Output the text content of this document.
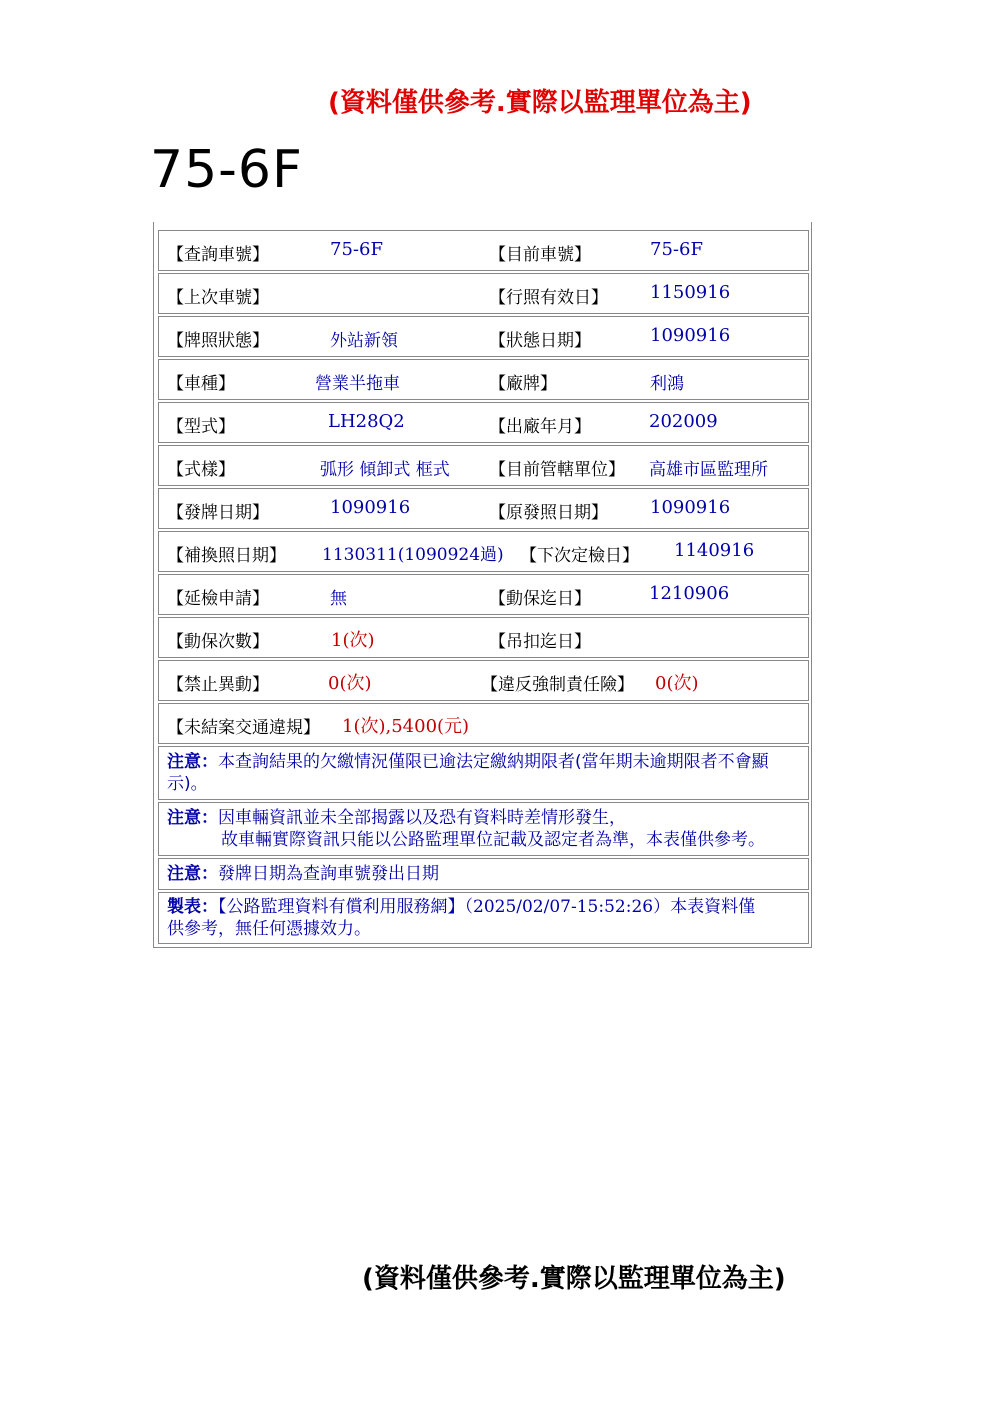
(資料僅供參考.實際以監理單位為主)
75-6F
【查詢車號】	75-6F	【目前車號】	75-6F
【上次車號】	【行照有效日】 1150916
【牌照狀態】	外站新領	【狀態日期】	1090916
【車種】	營業半拖車	【廠牌】	利鴻
【型式】	LH28Q2	【出廠年月】	202009
【式樣】	弧形 傾卸式 框式 【目前管轄單位】 高雄市區監理所
【發牌日期】	1090916	【原發照日期】 1090916
【補換照日期】 1130311(1090924過) 【下次定檢日】 1140916
【延檢申請】	無	【動保迄日】	1210906
【動保次數】	1(次)	【吊扣迄日】
【禁止異動】	0(次)	【違反強制責任險】 0(次)
【未結案交通違規】 1(次),5400(元)
注意：本查詢結果的欠繳情況僅限已逾法定繳納期限者(當年期未逾期限者不會顯
示)。
注意：因車輛資訊並未全部揭露以及恐有資料時差情形發生，
故車輛實際資訊只能以公路監理單位記載及認定者為準，本表僅供參考。
注意：發牌日期為查詢車號發出日期
製表：【公路監理資料有償利用服務網】（2025/02/07-15:52:26）本表資料僅
供參考，無任何憑據效力。
(資料僅供參考.實際以監理單位為主)
